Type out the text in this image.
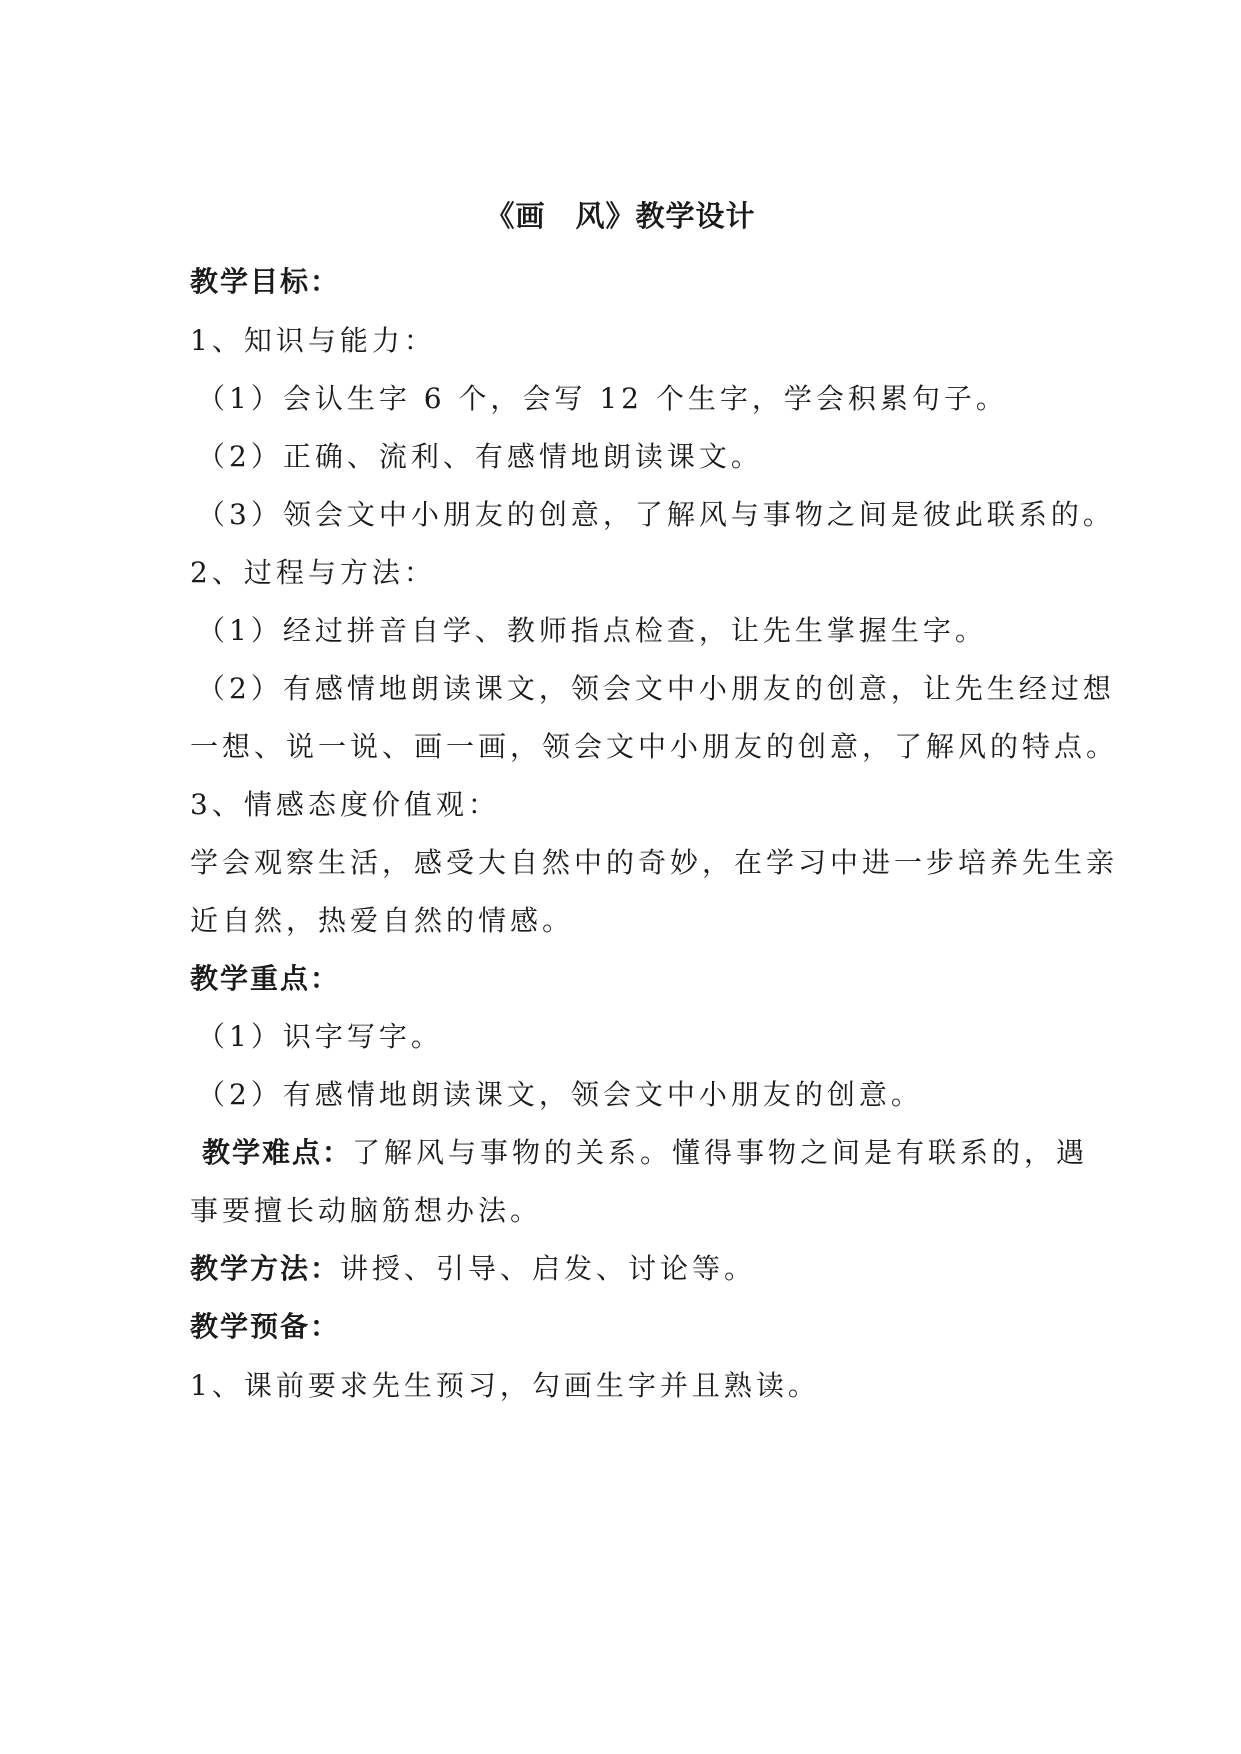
《画　风》教学设计
教学目标：
1、知识与能力：
（1）会认生字 6 个，会写 12 个生字，学会积累句子。
（2）正确、流利、有感情地朗读课文。
（3）领会文中小朋友的创意，了解风与事物之间是彼此联系的。
2、过程与方法：
（1）经过拼音自学、教师指点检查，让先生掌握生字。
（2）有感情地朗读课文，领会文中小朋友的创意，让先生经过想
一想、说一说、画一画，领会文中小朋友的创意，了解风的特点。
3、情感态度价值观：
学会观察生活，感受大自然中的奇妙，在学习中进一步培养先生亲
近自然，热爱自然的情感。
教学重点：
（1）识字写字。
（2）有感情地朗读课文，领会文中小朋友的创意。
教学难点：了解风与事物的关系。懂得事物之间是有联系的，遇
事要擅长动脑筋想办法。
教学方法：讲授、引导、启发、讨论等。
教学预备：
1、课前要求先生预习，勾画生字并且熟读。
